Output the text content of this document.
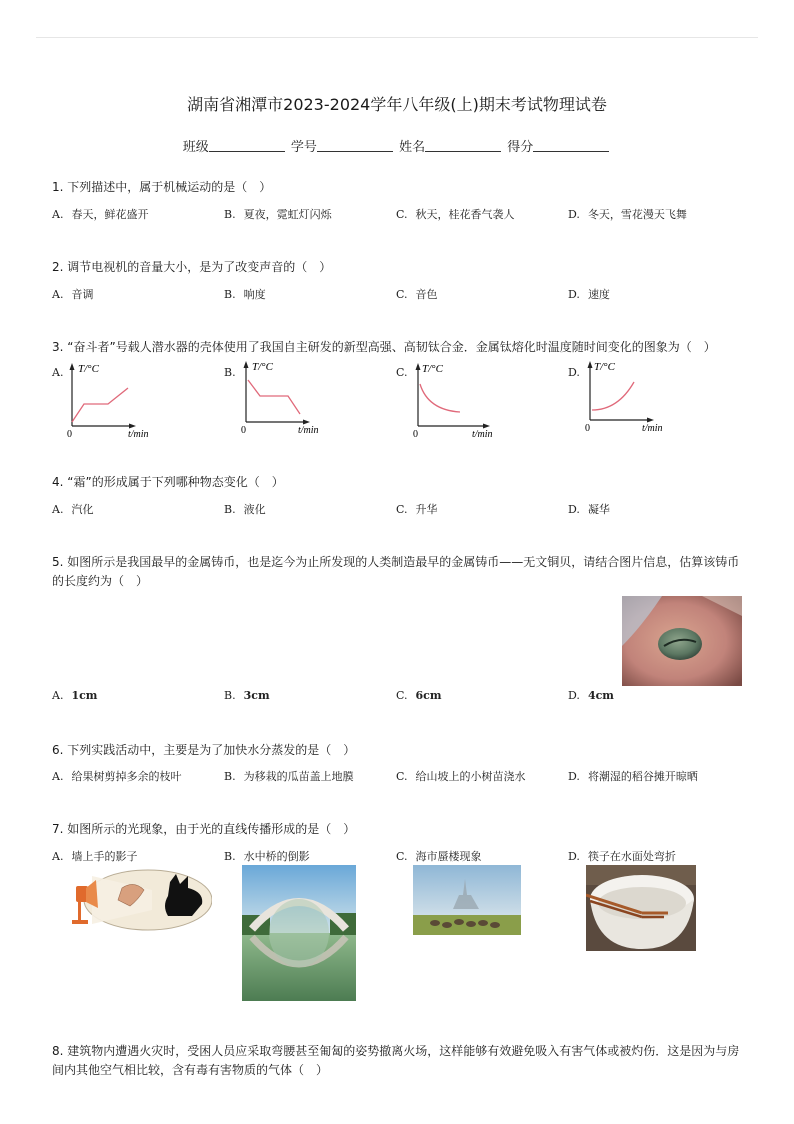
湖南省湘潭市2023-2024学年八年级(上)期末考试物理试卷
班级	学号	姓名	得分
1. 下列描述中，属于机械运动的是（　）
A. 春天，鲜花盛开	B. 夏夜，霓虹灯闪烁	C. 秋天，桂花香气袭人	D. 冬天，雪花漫天飞舞
2. 调节电视机的音量大小，是为了改变声音的（　）
A. 音调	B. 响度	C. 音色	D. 速度
3. “奋斗者”号载人潜水器的壳体使用了我国自主研发的新型高强、高韧钛合金．金属钛熔化时温度随时间变化的图象为（　）
A.	T/°C
0	t/min
B.	T/°C
0	t/min
C.	T/°C
0	t/min
D.	T/°C
0	t/min
4. “霜”的形成属于下列哪种物态变化（　）
A. 汽化	B. 液化	C. 升华	D. 凝华
5. 如图所示是我国最早的金属铸币，也是迄今为止所发现的人类制造最早的金属铸币——无文铜贝，请结合图片信息，估算该铸币的长度约为（　）
A. 1cm	B. 3cm	C. 6cm	D. 4cm
6. 下列实践活动中，主要是为了加快水分蒸发的是（　）
A. 给果树剪掉多余的枝叶	B. 为移栽的瓜苗盖上地膜	C. 给山坡上的小树苗浇水	D. 将潮湿的稻谷摊开晾晒
7. 如图所示的光现象，由于光的直线传播形成的是（　）
A. 墙上手的影子	B. 水中桥的倒影	C. 海市蜃楼现象	D. 筷子在水面处弯折
8. 建筑物内遭遇火灾时，受困人员应采取弯腰甚至匍匐的姿势撤离火场，这样能够有效避免吸入有害气体或被灼伤．这是因为与房间内其他空气相比较，含有毒有害物质的气体（　）
